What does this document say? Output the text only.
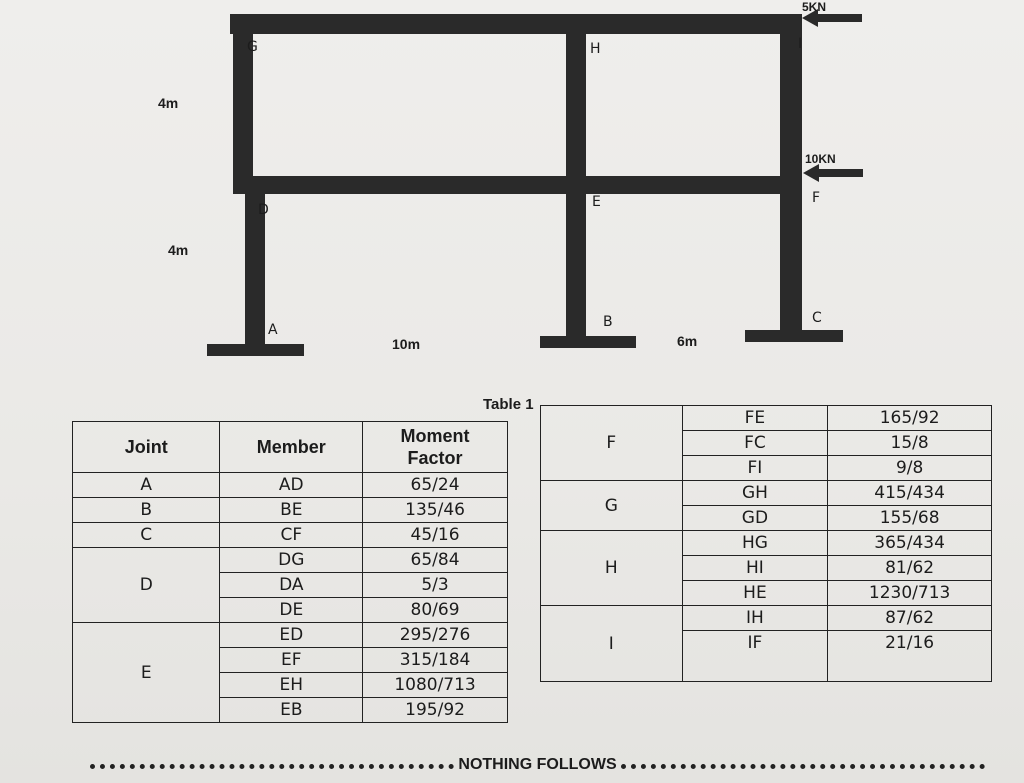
G	H	I
D	E	F
A	B	C
4m
4m
10m	6m
5KN
10KN
Table 1
Joint	Member	Moment Factor
A	AD	65/24
B	BE	135/46
C	CF	45/16
D	DG	65/84
	DA	5/3
	DE	80/69
E	ED	295/276
	EF	315/184
	EH	1080/713
	EB	195/92
F	FE	165/92
	FC	15/8
	FI	9/8
G	GH	415/434
	GD	155/68
H	HG	365/434
	HI	81/62
	HE	1230/713
I	IH	87/62
	IF	21/16

NOTHING FOLLOWS
